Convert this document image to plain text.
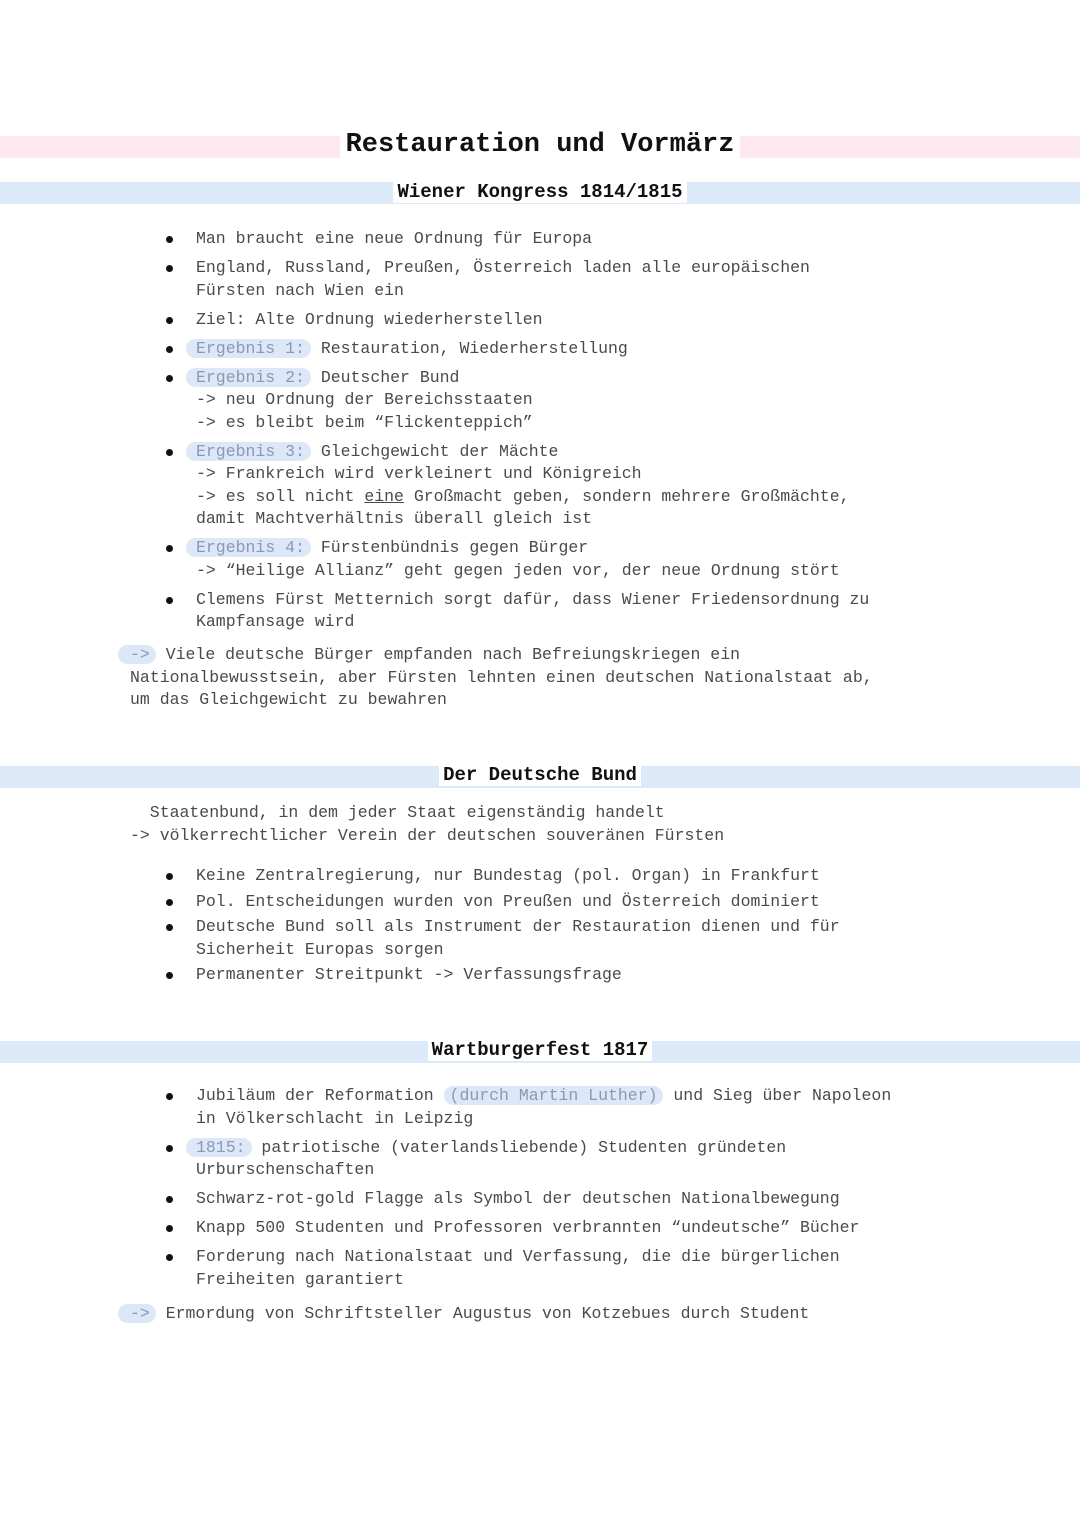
Restauration und Vormärz
Wiener Kongress 1814/1815
Man braucht eine neue Ordnung für Europa
England, Russland, Preußen, Österreich laden alle europäischen
Fürsten nach Wien ein
Ziel: Alte Ordnung wiederherstellen
Ergebnis 1: Restauration, Wiederherstellung
Ergebnis 2: Deutscher Bund
-> neu Ordnung der Bereichsstaaten
-> es bleibt beim “Flickenteppich”
Ergebnis 3: Gleichgewicht der Mächte
-> Frankreich wird verkleinert und Königreich
-> es soll nicht eine Großmacht geben, sondern mehrere Großmächte,
damit Machtverhältnis überall gleich ist
Ergebnis 4: Fürstenbündnis gegen Bürger
-> “Heilige Allianz” geht gegen jeden vor, der neue Ordnung stört
Clemens Fürst Metternich sorgt dafür, dass Wiener Friedensordnung zu
Kampfansage wird
-> Viele deutsche Bürger empfanden nach Befreiungskriegen ein
Nationalbewusstsein, aber Fürsten lehnten einen deutschen Nationalstaat ab,
um das Gleichgewicht zu bewahren
Der Deutsche Bund
Staatenbund, in dem jeder Staat eigenständig handelt
-> völkerrechtlicher Verein der deutschen souveränen Fürsten
Keine Zentralregierung, nur Bundestag (pol. Organ) in Frankfurt
Pol. Entscheidungen wurden von Preußen und Österreich dominiert
Deutsche Bund soll als Instrument der Restauration dienen und für
Sicherheit Europas sorgen
Permanenter Streitpunkt -> Verfassungsfrage
Wartburgerfest 1817
Jubiläum der Reformation (durch Martin Luther) und Sieg über Napoleon
in Völkerschlacht in Leipzig
1815: patriotische (vaterlandsliebende) Studenten gründeten
Urburschenschaften
Schwarz-rot-gold Flagge als Symbol der deutschen Nationalbewegung
Knapp 500 Studenten und Professoren verbrannten “undeutsche” Bücher
Forderung nach Nationalstaat und Verfassung, die die bürgerlichen
Freiheiten garantiert
-> Ermordung von Schriftsteller Augustus von Kotzebues durch Student
